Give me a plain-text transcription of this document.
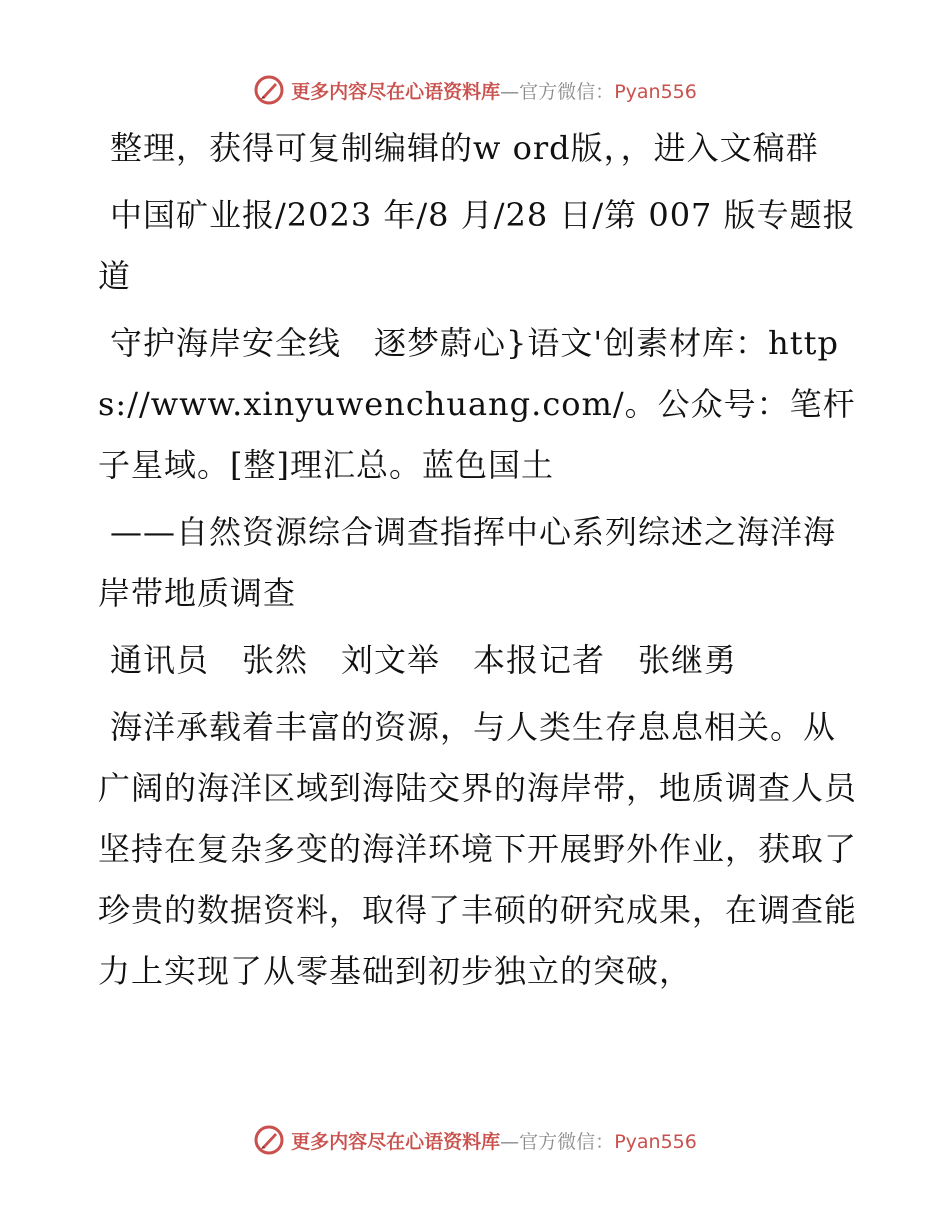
更多内容尽在心语资料库—官方微信：Pyan556

整理，获得可复制编辑的w ord版，，进入文稿群

中国矿业报/2023 年/8 月/28 日/第 007 版专题报道

守护海岸安全线　逐梦蔚心}语文'创素材库：https://www.xinyuwenchuang.com/。公众号：笔杆子星域。[整]理汇总。蓝色国土

——自然资源综合调查指挥中心系列综述之海洋海岸带地质调查

通讯员　张然　刘文举　本报记者　张继勇

海洋承载着丰富的资源，与人类生存息息相关。从广阔的海洋区域到海陆交界的海岸带，地质调查人员坚持在复杂多变的海洋环境下开展野外作业，获取了珍贵的数据资料，取得了丰硕的研究成果，在调查能力上实现了从零基础到初步独立的突破，

更多内容尽在心语资料库—官方微信：Pyan556
